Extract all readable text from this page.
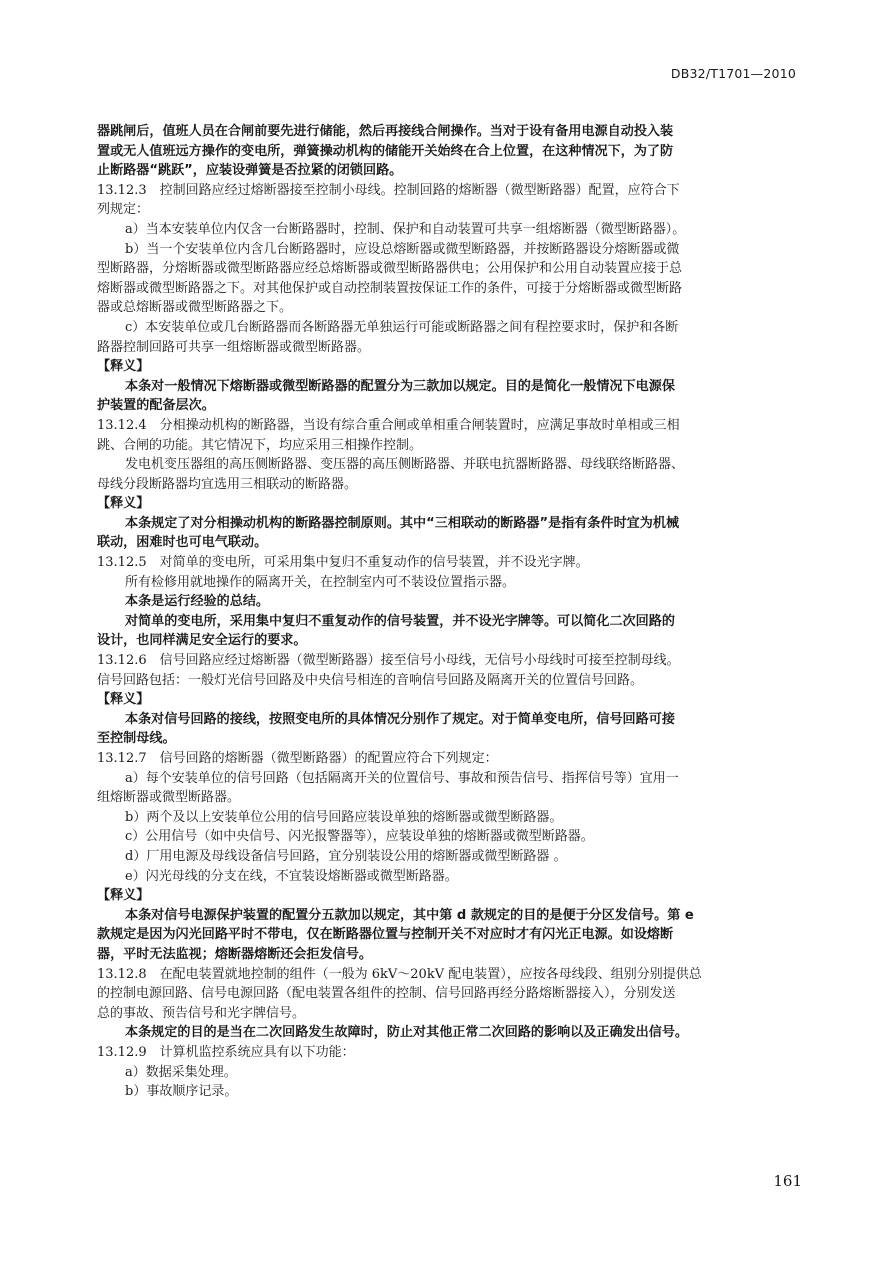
DB32/T1701—2010
器跳闸后，值班人员在合闸前要先进行储能，然后再接线合闸操作。当对于设有备用电源自动投入装
置或无人值班远方操作的变电所，弹簧操动机构的储能开关始终在合上位置，在这种情况下，为了防
止断路器“跳跃”，应装设弹簧是否拉紧的闭锁回路。
13.12.3　控制回路应经过熔断器接至控制小母线。控制回路的熔断器（微型断路器）配置，应符合下
列规定：
a）当本安装单位内仅含一台断路器时，控制、保护和自动装置可共享一组熔断器（微型断路器）。
b）当一个安装单位内含几台断路器时，应设总熔断器或微型断路器，并按断路器设分熔断器或微
型断路器，分熔断器或微型断路器应经总熔断器或微型断路器供电；公用保护和公用自动装置应接于总
熔断器或微型断路器之下。对其他保护或自动控制装置按保证工作的条件，可接于分熔断器或微型断路
器或总熔断器或微型断路器之下。
c）本安装单位或几台断路器而各断路器无单独运行可能或断路器之间有程控要求时，保护和各断
路器控制回路可共享一组熔断器或微型断路器。
【释义】
本条对一般情况下熔断器或微型断路器的配置分为三款加以规定。目的是简化一般情况下电源保
护装置的配备层次。
13.12.4　分相操动机构的断路器，当设有综合重合闸或单相重合闸装置时，应满足事故时单相或三相
跳、合闸的功能。其它情况下，均应采用三相操作控制。
发电机变压器组的高压侧断路器、变压器的高压侧断路器、并联电抗器断路器、母线联络断路器、
母线分段断路器均宜选用三相联动的断路器。
【释义】
本条规定了对分相操动机构的断路器控制原则。其中“三相联动的断路器”是指有条件时宜为机械
联动，困难时也可电气联动。
13.12.5　对简单的变电所，可采用集中复归不重复动作的信号装置，并不设光字牌。
所有检修用就地操作的隔离开关，在控制室内可不装设位置指示器。
本条是运行经验的总结。
对简单的变电所，采用集中复归不重复动作的信号装置，并不设光字牌等。可以简化二次回路的
设计，也同样满足安全运行的要求。
13.12.6　信号回路应经过熔断器（微型断路器）接至信号小母线，无信号小母线时可接至控制母线。
信号回路包括：一般灯光信号回路及中央信号相连的音响信号回路及隔离开关的位置信号回路。
【释义】
本条对信号回路的接线，按照变电所的具体情况分别作了规定。对于简单变电所，信号回路可接
至控制母线。
13.12.7　信号回路的熔断器（微型断路器）的配置应符合下列规定：
a）每个安装单位的信号回路（包括隔离开关的位置信号、事故和预告信号、指挥信号等）宜用一
组熔断器或微型断路器。
b）两个及以上安装单位公用的信号回路应装设单独的熔断器或微型断路器。
c）公用信号（如中央信号、闪光报警器等），应装设单独的熔断器或微型断路器。
d）厂用电源及母线设备信号回路，宜分别装设公用的熔断器或微型断路器 。
e）闪光母线的分支在线，不宜装设熔断器或微型断路器。
【释义】
本条对信号电源保护装置的配置分五款加以规定，其中第 d 款规定的目的是便于分区发信号。第 e
款规定是因为闪光回路平时不带电，仅在断路器位置与控制开关不对应时才有闪光正电源。如设熔断
器，平时无法监视；熔断器熔断还会拒发信号。
13.12.8　在配电装置就地控制的组件（一般为 6kV～20kV 配电装置），应按各母线段、组别分别提供总
的控制电源回路、信号电源回路（配电装置各组件的控制、信号回路再经分路熔断器接入），分别发送
总的事故、预告信号和光字牌信号。
本条规定的目的是当在二次回路发生故障时，防止对其他正常二次回路的影响以及正确发出信号。
13.12.9　计算机监控系统应具有以下功能：
a）数据采集处理。
b）事故顺序记录。
161
